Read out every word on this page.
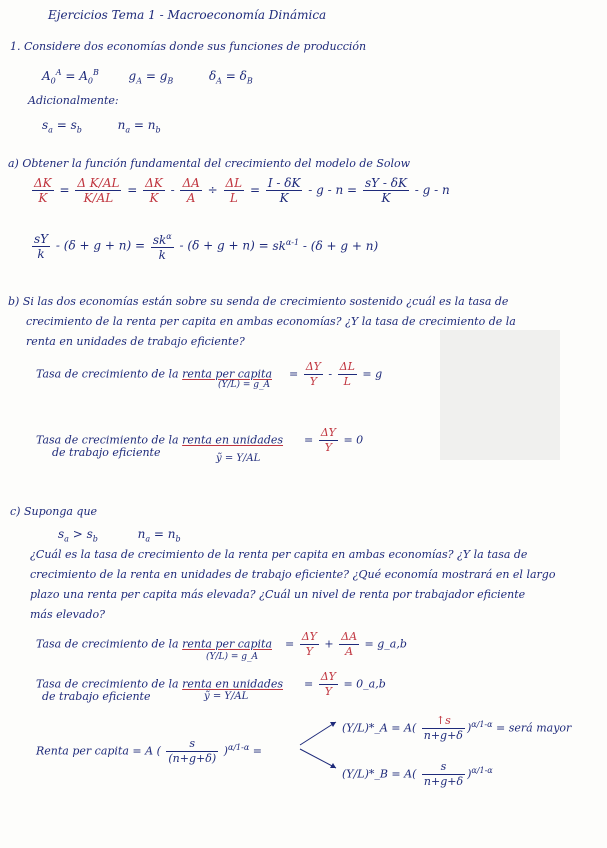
Ejercicios Tema 1 - Macroeconomía Dinámica
1. Considere dos economías donde sus funciones de producción
$A_0^A = A_0^B$ $g_A = g_B$	$\delta_A = \delta_B$
Adicionalmente:
$s_a = s_b$	$n_a = n_b$
a) Obtener la función fundamental del crecimiento del modelo de Solow
$\frac{\Delta K}{K} = \frac{\text{Δ K/AL}}{K/AL} = \frac{\Delta K}{K} - \frac{\Delta A}{A} \div \frac{\Delta L}{L} = \frac{I - \delta K}{K} - g - n = \frac{sY - \delta K}{K} - g - n$
$\frac{sY}{k} - (\delta + g + n) = \frac{sk^\alpha}{k} - (\delta + g + n) = sk^{\alpha-1} - (\delta + g + n)$
b) Si las dos economías están sobre su senda de crecimiento sostenido ¿cuál es la tasa de
crecimiento de la renta per capita en ambas economías? ¿Y la tasa de crecimiento de la
renta en unidades de trabajo eficiente?
Tasa de crecimiento de la renta per capita = $\frac{\Delta Y}{Y} - \frac{\Delta L}{L} = g$
(Y/L) = g_A
Tasa de crecimiento de la renta en unidades = $\frac{\Delta Y}{Y} = 0$
de trabajo eficiente	ỹ = Y/AL
c) Suponga que
$s_a > s_b$	$n_a = n_b$
¿Cuál es la tasa de crecimiento de la renta per capita en ambas economías? ¿Y la tasa de
crecimiento de la renta en unidades de trabajo eficiente? ¿Qué economía mostrará en el largo
plazo una renta per capita más elevada? ¿Cuál un nivel de renta por trabajador eficiente
más elevado?
Tasa de crecimiento de la renta per capita  = $\frac{\Delta Y}{Y} + \frac{\Delta A}{A}$ = g_a,b
(Y/L) = g_A
Tasa de crecimiento de la renta en unidades  = $\frac{\Delta Y}{Y}$ = 0_a,b
de trabajo eficiente	ỹ = Y/AL
Renta per capita = A ( $\frac{s}{(n+g+\delta)} )^{\alpha/1-\alpha}$ =
(Y/L)*_A = $A( \frac{↑s}{n+g+\delta} )^{\alpha/1-\alpha}$ = será mayor
(Y/L)*_B = $A( \frac{s}{n+g+\delta} )^{\alpha/1-\alpha}$
